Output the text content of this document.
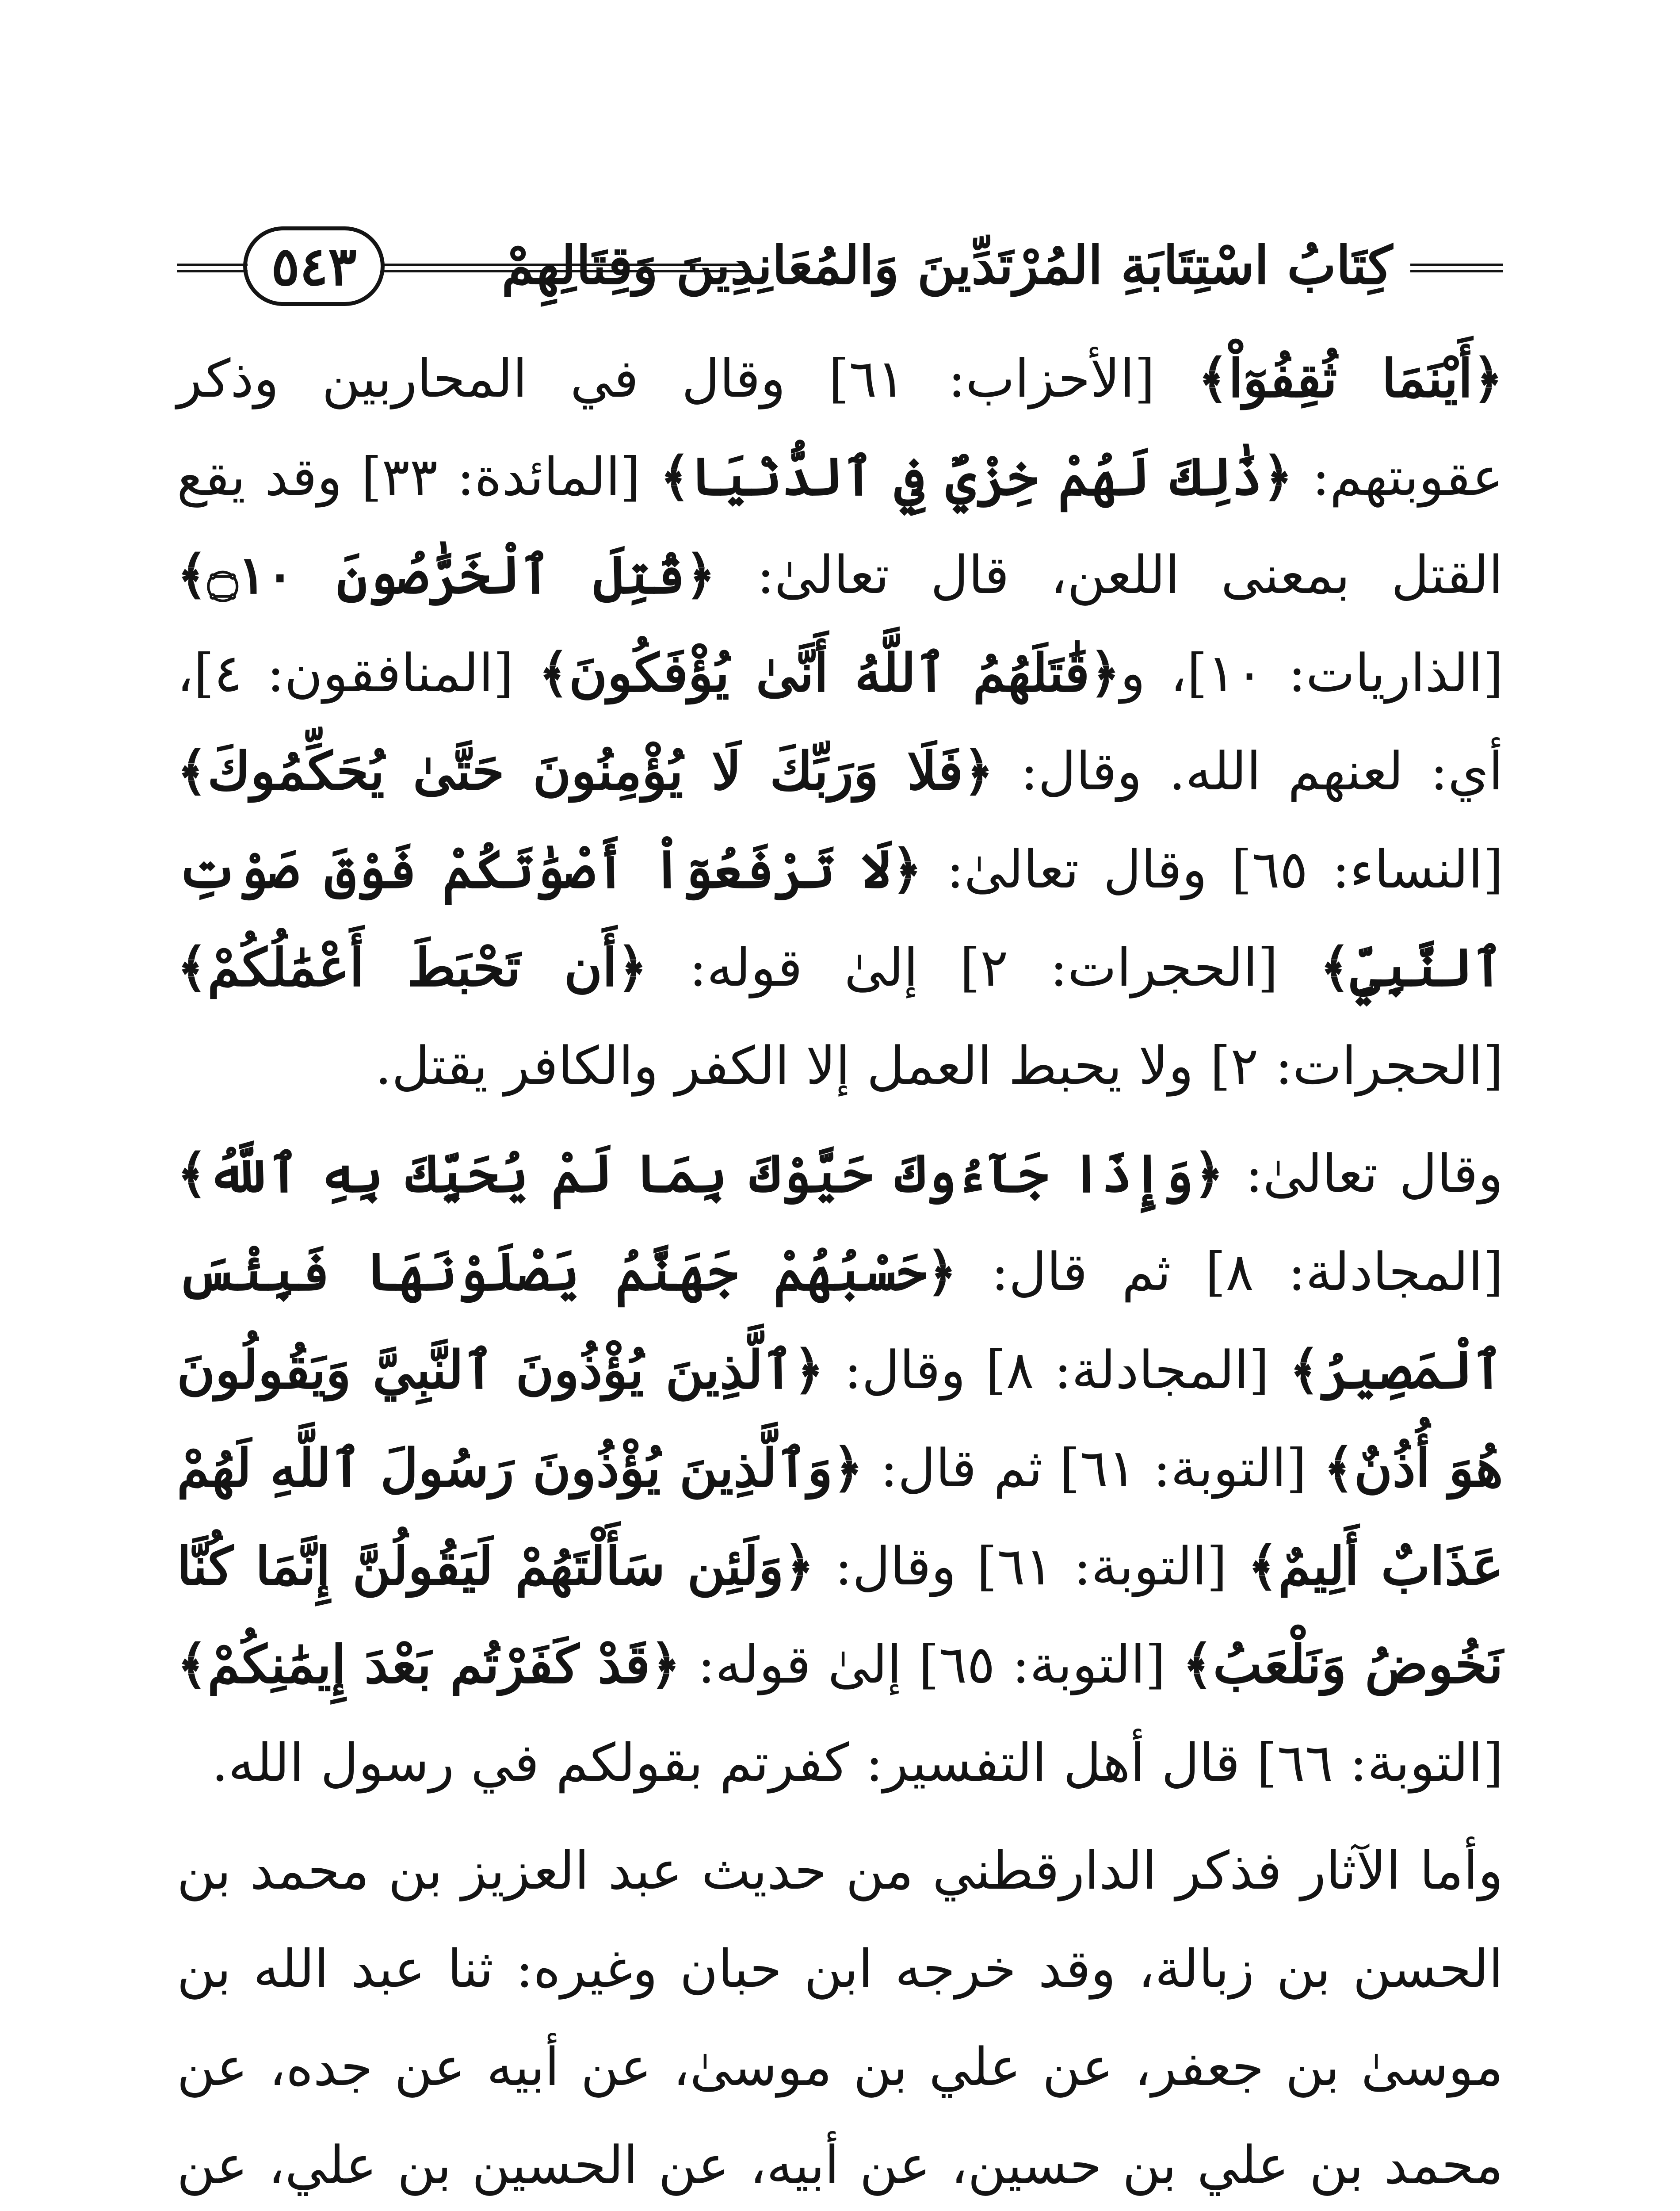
كِتَابُ اسْتِتَابَةِ المُرْتَدِّينَ وَالمُعَانِدِينَ وَقِتَالِهِمْ
٥٤٣

﴿أَيْنَمَا ثُقِفُوٓاْ﴾ [الأحزاب: ٦١] وقال في المحاربين وذكر عقوبتهم: ﴿ذَٰلِكَ لَهُمْ خِزْيٌ فِي ٱلدُّنْيَا﴾ [المائدة: ٣٣] وقد يقع القتل بمعنى اللعن، قال تعالىٰ: ﴿قُتِلَ ٱلْخَرَّٰصُونَ ۝١٠﴾ [الذاريات: ١٠]، و﴿قَٰتَلَهُمُ ٱللَّهُ أَنَّىٰ يُؤْفَكُونَ﴾ [المنافقون: ٤]، أي: لعنهم الله. وقال: ﴿فَلَا وَرَبِّكَ لَا يُؤْمِنُونَ حَتَّىٰ يُحَكِّمُوكَ﴾ [النساء: ٦٥] وقال تعالىٰ: ﴿لَا تَرْفَعُوٓاْ أَصْوَٰتَكُمْ فَوْقَ صَوْتِ ٱلنَّبِيِّ﴾ [الحجرات: ٢] إلىٰ قوله: ﴿أَن تَحْبَطَ أَعْمَٰلُكُمْ﴾ [الحجرات: ٢] ولا يحبط العمل إلا الكفر والكافر يقتل.

وقال تعالىٰ: ﴿وَإِذَا جَآءُوكَ حَيَّوْكَ بِمَا لَمْ يُحَيِّكَ بِهِ ٱللَّهُ﴾ [المجادلة: ٨] ثم قال: ﴿حَسْبُهُمْ جَهَنَّمُ يَصْلَوْنَهَا فَبِئْسَ ٱلْمَصِيرُ﴾ [المجادلة: ٨] وقال: ﴿ٱلَّذِينَ يُؤْذُونَ ٱلنَّبِيَّ وَيَقُولُونَ هُوَ أُذُنٌ﴾ [التوبة: ٦١] ثم قال: ﴿وَٱلَّذِينَ يُؤْذُونَ رَسُولَ ٱللَّهِ لَهُمْ عَذَابٌ أَلِيمٌ﴾ [التوبة: ٦١] وقال: ﴿وَلَئِن سَأَلْتَهُمْ لَيَقُولُنَّ إِنَّمَا كُنَّا نَخُوضُ وَنَلْعَبُ﴾ [التوبة: ٦٥] إلىٰ قوله: ﴿قَدْ كَفَرْتُم بَعْدَ إِيمَٰنِكُمْ﴾ [التوبة: ٦٦] قال أهل التفسير: كفرتم بقولكم في رسول الله.

وأما الآثار فذكر الدارقطني من حديث عبد العزيز بن محمد بن الحسن بن زبالة، وقد خرجه ابن حبان وغيره: ثنا عبد الله بن موسىٰ بن جعفر، عن علي بن موسىٰ، عن أبيه عن جده، عن محمد بن علي بن حسين، عن أبيه، عن الحسين بن علي، عن
